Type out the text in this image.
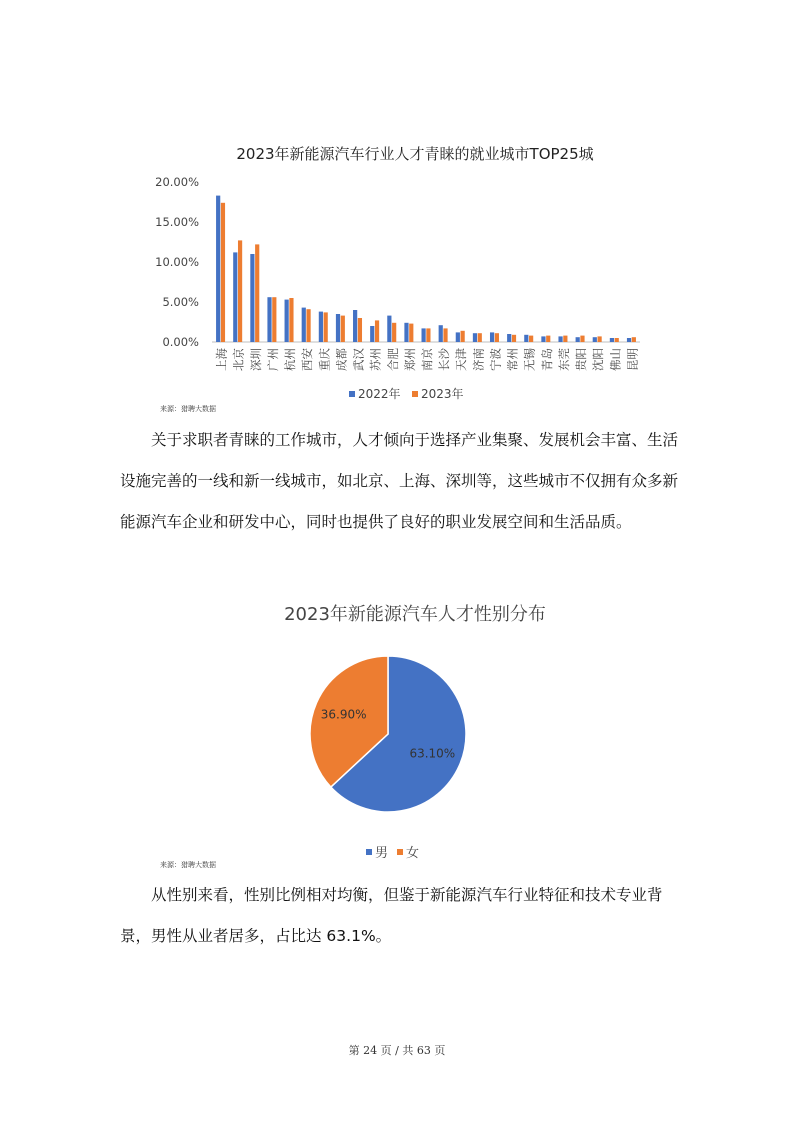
2023年新能源汽车行业人才青睐的就业城市TOP25城
0.00%
5.00%
10.00%
15.00%
20.00%
上海 北京 深圳 广州 杭州 西安 重庆 成都 武汉 苏州 合肥 郑州 南京 长沙 天津 济南 宁波 常州 无锡 青岛 东莞 贵阳 沈阳 佛山 昆明
2022年 2023年
来源：猎聘大数据

关于求职者青睐的工作城市，人才倾向于选择产业集聚、发展机会丰富、生活设施完善的一线和新一线城市，如北京、上海、深圳等，这些城市不仅拥有众多新能源汽车企业和研发中心，同时也提供了良好的职业发展空间和生活品质。

2023年新能源汽车人才性别分布
63.10%
36.90%
男 女
来源：猎聘大数据

从性别来看，性别比例相对均衡，但鉴于新能源汽车行业特征和技术专业背景，男性从业者居多，占比达 63.1%。

第 24 页 / 共 63 页
